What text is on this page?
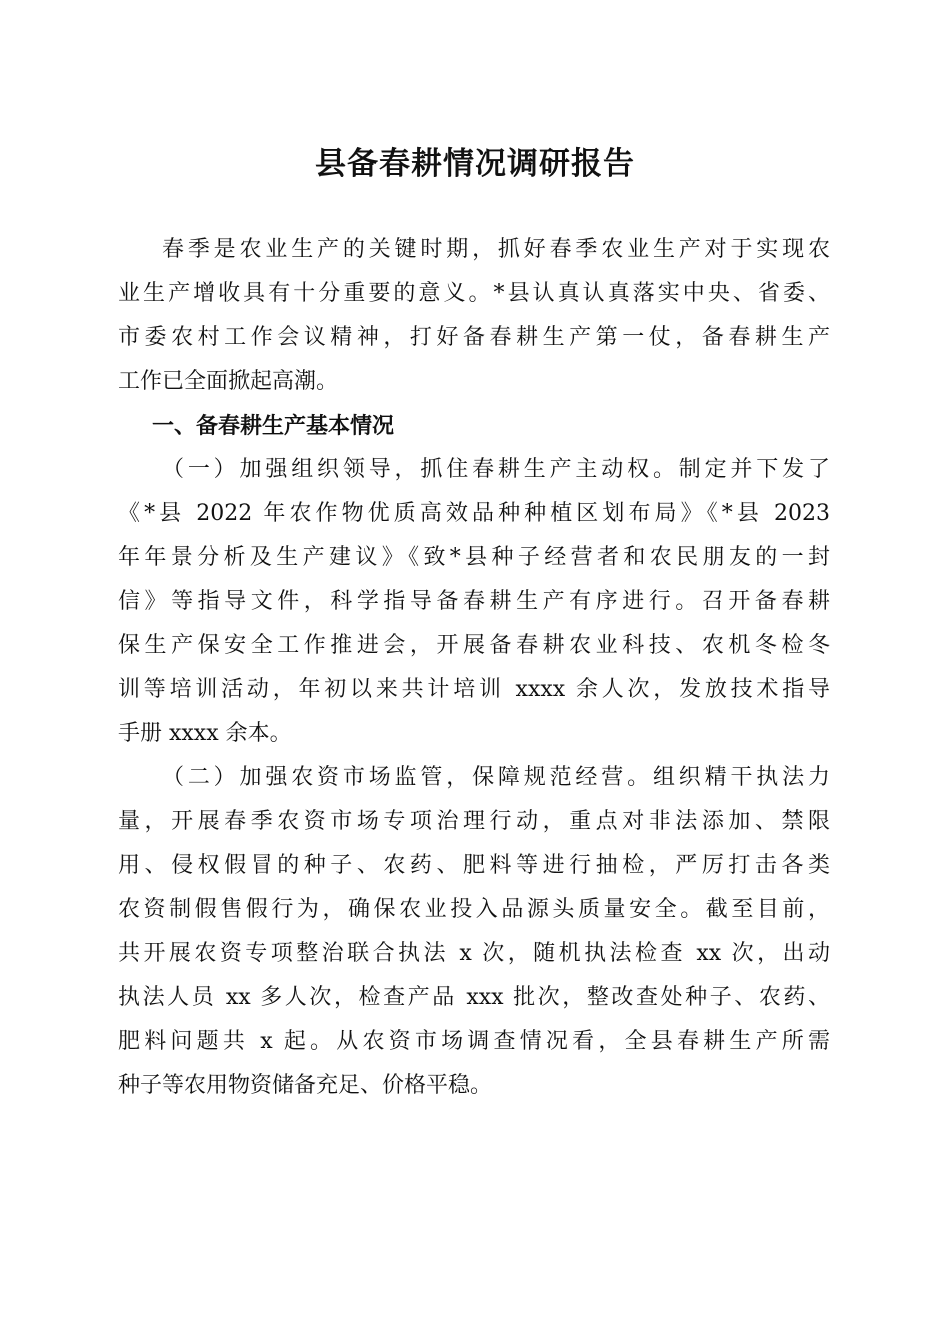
县备春耕情况调研报告
春季是农业生产的关键时期，抓好春季农业生产对于实现农
业生产增收具有十分重要的意义。*县认真认真落实中央、省委、
市委农村工作会议精神，打好备春耕生产第一仗，备春耕生产
工作已全面掀起高潮。
一、备春耕生产基本情况
（一）加强组织领导，抓住春耕生产主动权。制定并下发了
《*县 2022 年农作物优质高效品种种植区划布局》《*县 2023
年年景分析及生产建议》《致*县种子经营者和农民朋友的一封
信》等指导文件，科学指导备春耕生产有序进行。召开备春耕
保生产保安全工作推进会，开展备春耕农业科技、农机冬检冬
训等培训活动，年初以来共计培训 xxxx 余人次，发放技术指导
手册 xxxx 余本。
（二）加强农资市场监管，保障规范经营。组织精干执法力
量，开展春季农资市场专项治理行动，重点对非法添加、禁限
用、侵权假冒的种子、农药、肥料等进行抽检，严厉打击各类
农资制假售假行为，确保农业投入品源头质量安全。截至目前，
共开展农资专项整治联合执法 x 次，随机执法检查 xx 次，出动
执法人员 xx 多人次，检查产品 xxx 批次，整改查处种子、农药、
肥料问题共 x 起。从农资市场调查情况看，全县春耕生产所需
种子等农用物资储备充足、价格平稳。
